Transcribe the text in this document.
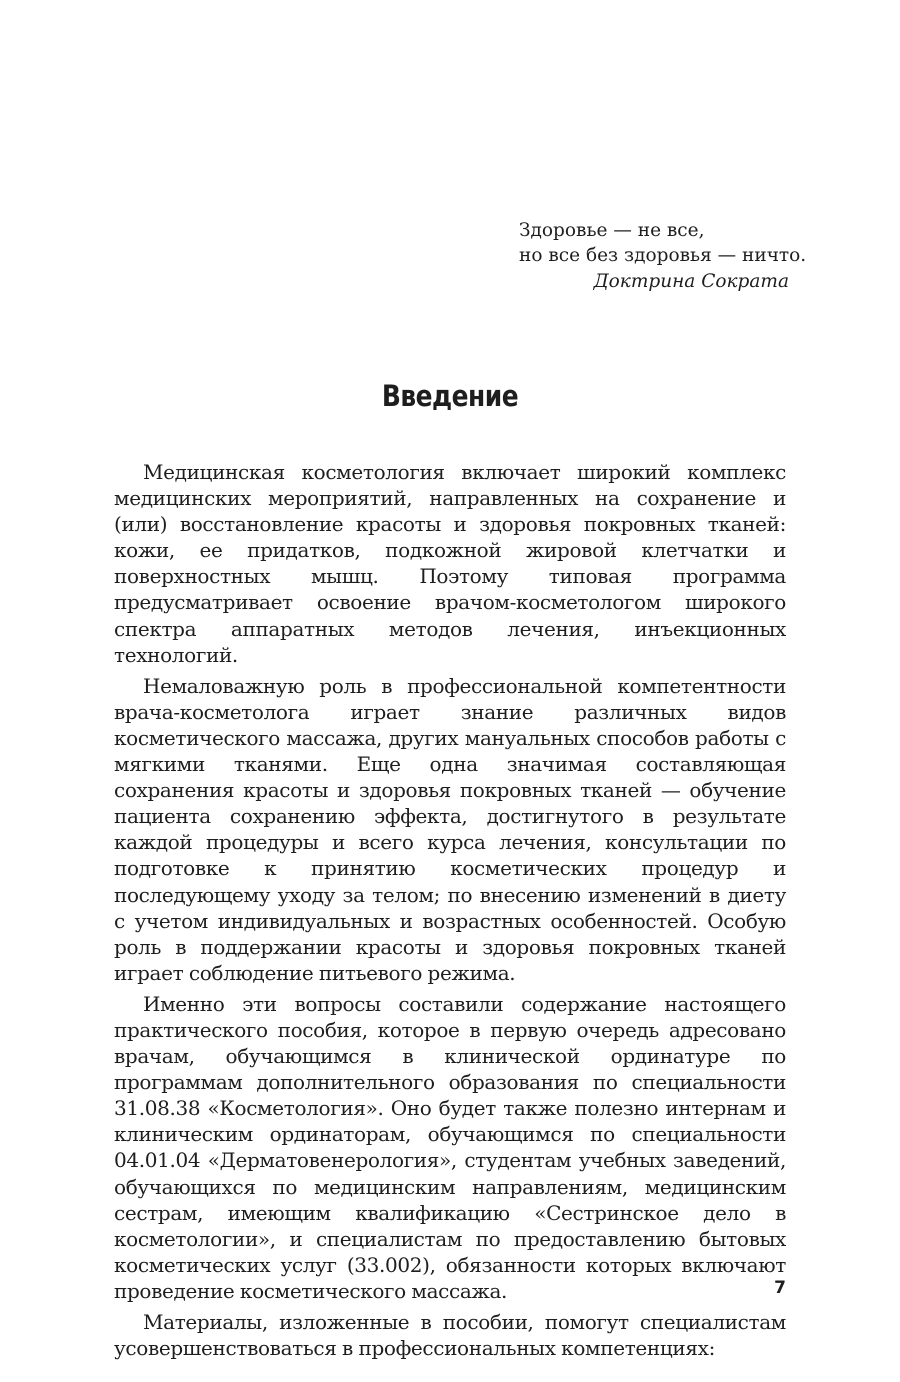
Здоровье — не все,
но все без здоровья — ничто.
Доктрина Сократа
Введение

Медицинская косметология включает широкий комплекс медицинских мероприятий, направленных на сохранение и (или) восстановление красоты и здоровья покровных тканей: кожи, ее придатков, подкожной жировой клетчатки и поверхностных мышц. Поэтому типовая программа предусматривает освоение врачом-косметологом широкого спектра аппаратных методов лечения, инъекционных технологий.

Немаловажную роль в профессиональной компетентности врача-косметолога играет знание различных видов косметического массажа, других мануальных способов работы с мягкими тканями. Еще одна значимая составляющая сохранения красоты и здоровья покровных тканей — обучение пациента сохранению эффекта, достигнутого в результате каждой процедуры и всего курса лечения, консультации по подготовке к принятию косметических процедур и последующему уходу за телом; по внесению изменений в диету с учетом индивидуальных и возрастных особенностей. Особую роль в поддержании красоты и здоровья покровных тканей играет соблюдение питьевого режима.

Именно эти вопросы составили содержание настоящего практического пособия, которое в первую очередь адресовано врачам, обучающимся в клинической ординатуре по программам дополнительного образования по специальности 31.08.38 «Косметология». Оно будет также полезно интернам и клиническим ординаторам, обучающимся по специальности 04.01.04 «Дерматовенерология», студентам учебных заведений, обучающихся по медицинским направлениям, медицинским сестрам, имеющим квалификацию «Сестринское дело в косметологии», и специалистам по предоставлению бытовых косметических услуг (33.002), обязанности которых включают проведение косметического массажа.

Материалы, изложенные в пособии, помогут специалистам усовершенствоваться в профессиональных компетенциях:

7
